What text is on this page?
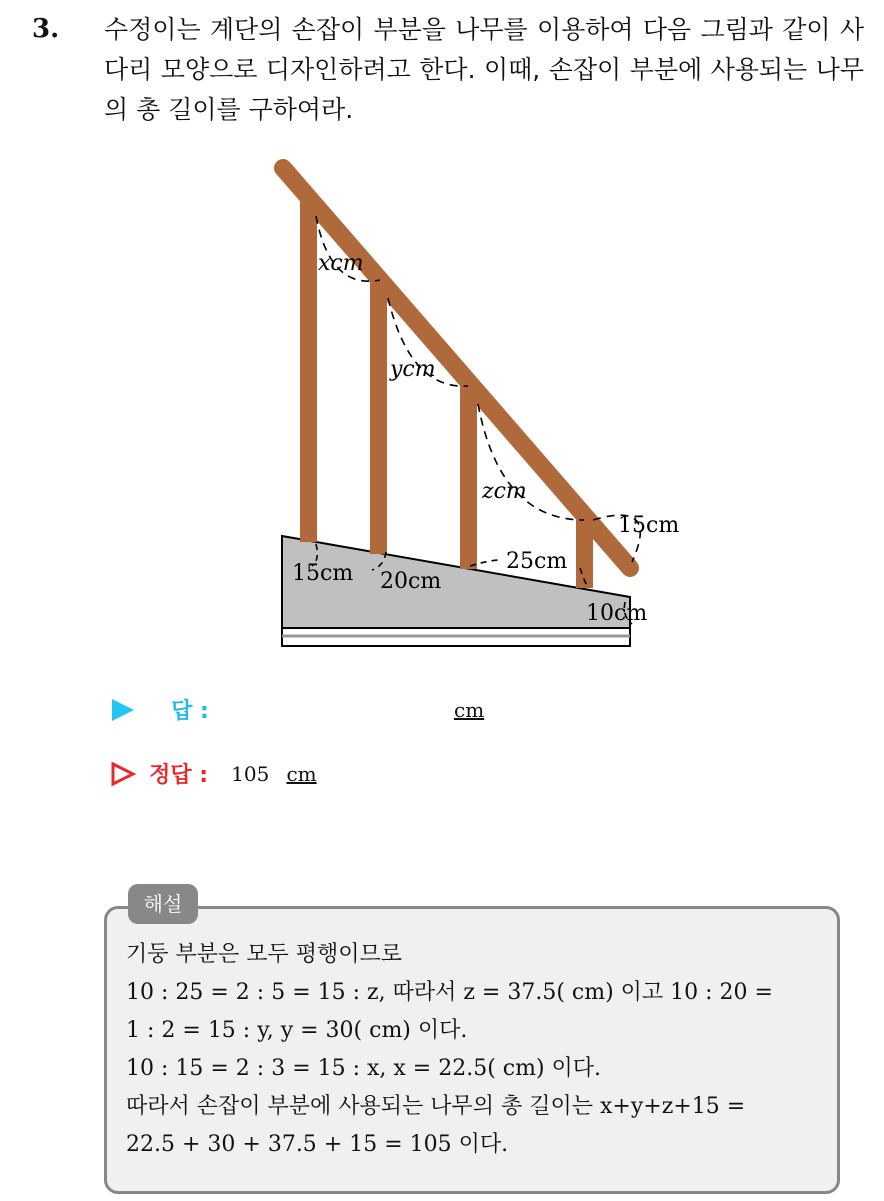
3. 수정이는 계단의 손잡이 부분을 나무를 이용하여 다음 그림과 같이 사다리 모양으로 디자인하려고 한다. 이때, 손잡이 부분에 사용되는 나무의 총 길이를 구하여라.
xcm
ycm
zcm
15cm
15cm 20cm
25cm
10cm
답 :	cm
정답 : 105 cm
해설
기둥 부분은 모두 평행이므로
10 : 25 = 2 : 5 = 15 : z, 따라서 z = 37.5( cm) 이고 10 : 20 =
1 : 2 = 15 : y, y = 30( cm) 이다.
10 : 15 = 2 : 3 = 15 : x, x = 22.5( cm) 이다.
따라서 손잡이 부분에 사용되는 나무의 총 길이는 x+y+z+15 =
22.5 + 30 + 37.5 + 15 = 105 이다.
